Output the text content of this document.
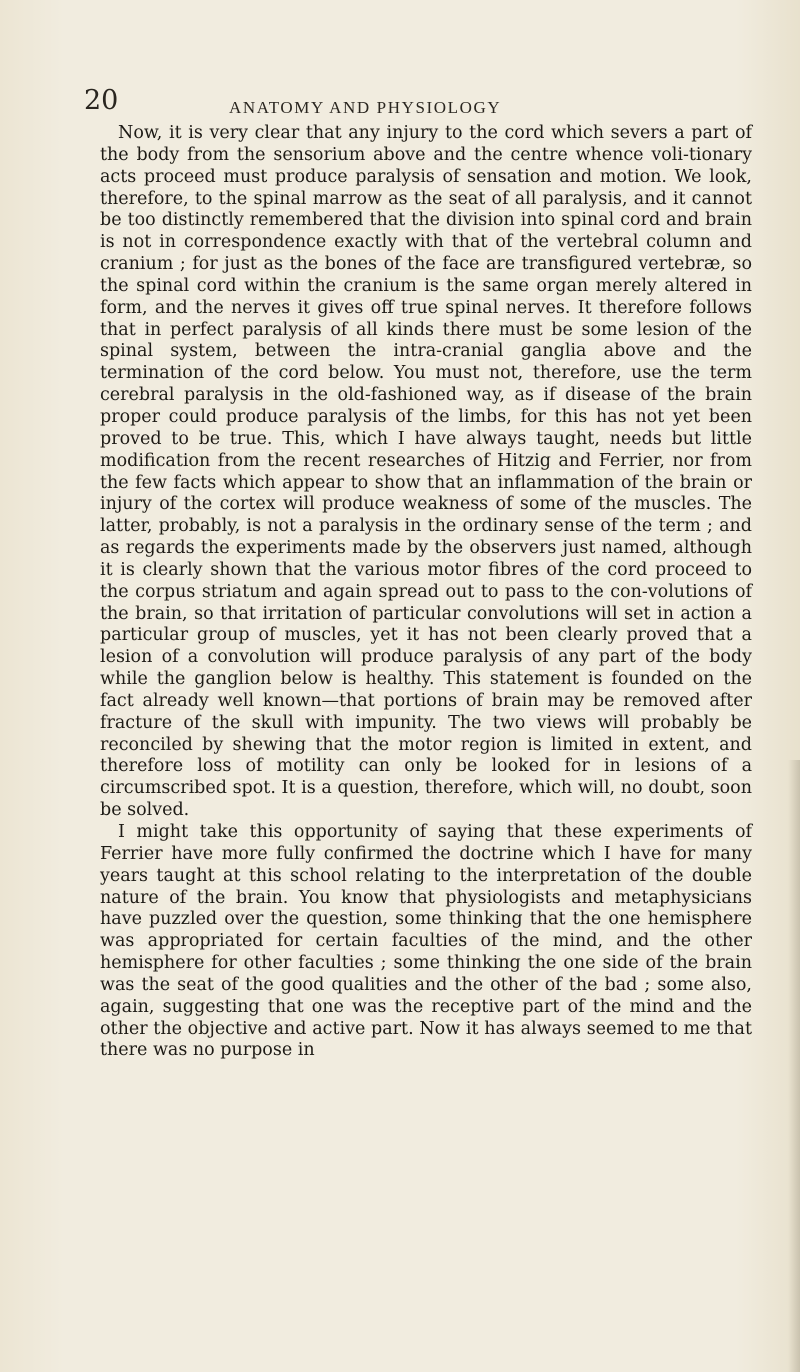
20	ANATOMY AND PHYSIOLOGY

Now, it is very clear that any injury to the cord which severs a part of the body from the sensorium above and the centre whence voli-tionary acts proceed must produce paralysis of sensation and motion. We look, therefore, to the spinal marrow as the seat of all paralysis, and it cannot be too distinctly remembered that the division into spinal cord and brain is not in correspondence exactly with that of the vertebral column and cranium ; for just as the bones of the face are transfigured vertebræ, so the spinal cord within the cranium is the same organ merely altered in form, and the nerves it gives off true spinal nerves. It therefore follows that in perfect paralysis of all kinds there must be some lesion of the spinal system, between the intra-cranial ganglia above and the termination of the cord below. You must not, therefore, use the term cerebral paralysis in the old-fashioned way, as if disease of the brain proper could produce paralysis of the limbs, for this has not yet been proved to be true. This, which I have always taught, needs but little modification from the recent researches of Hitzig and Ferrier, nor from the few facts which appear to show that an inflammation of the brain or injury of the cortex will produce weakness of some of the muscles. The latter, probably, is not a paralysis in the ordinary sense of the term ; and as regards the experiments made by the observers just named, although it is clearly shown that the various motor fibres of the cord proceed to the corpus striatum and again spread out to pass to the con-volutions of the brain, so that irritation of particular convolutions will set in action a particular group of muscles, yet it has not been clearly proved that a lesion of a convolution will produce paralysis of any part of the body while the ganglion below is healthy. This statement is founded on the fact already well known—that portions of brain may be removed after fracture of the skull with impunity. The two views will probably be reconciled by shewing that the motor region is limited in extent, and therefore loss of motility can only be looked for in lesions of a circumscribed spot. It is a question, therefore, which will, no doubt, soon be solved.

I might take this opportunity of saying that these experiments of Ferrier have more fully confirmed the doctrine which I have for many years taught at this school relating to the interpretation of the double nature of the brain. You know that physiologists and metaphysicians have puzzled over the question, some thinking that the one hemisphere was appropriated for certain faculties of the mind, and the other hemisphere for other faculties ; some thinking the one side of the brain was the seat of the good qualities and the other of the bad ; some also, again, suggesting that one was the receptive part of the mind and the other the objective and active part. Now it has always seemed to me that there was no purpose in
